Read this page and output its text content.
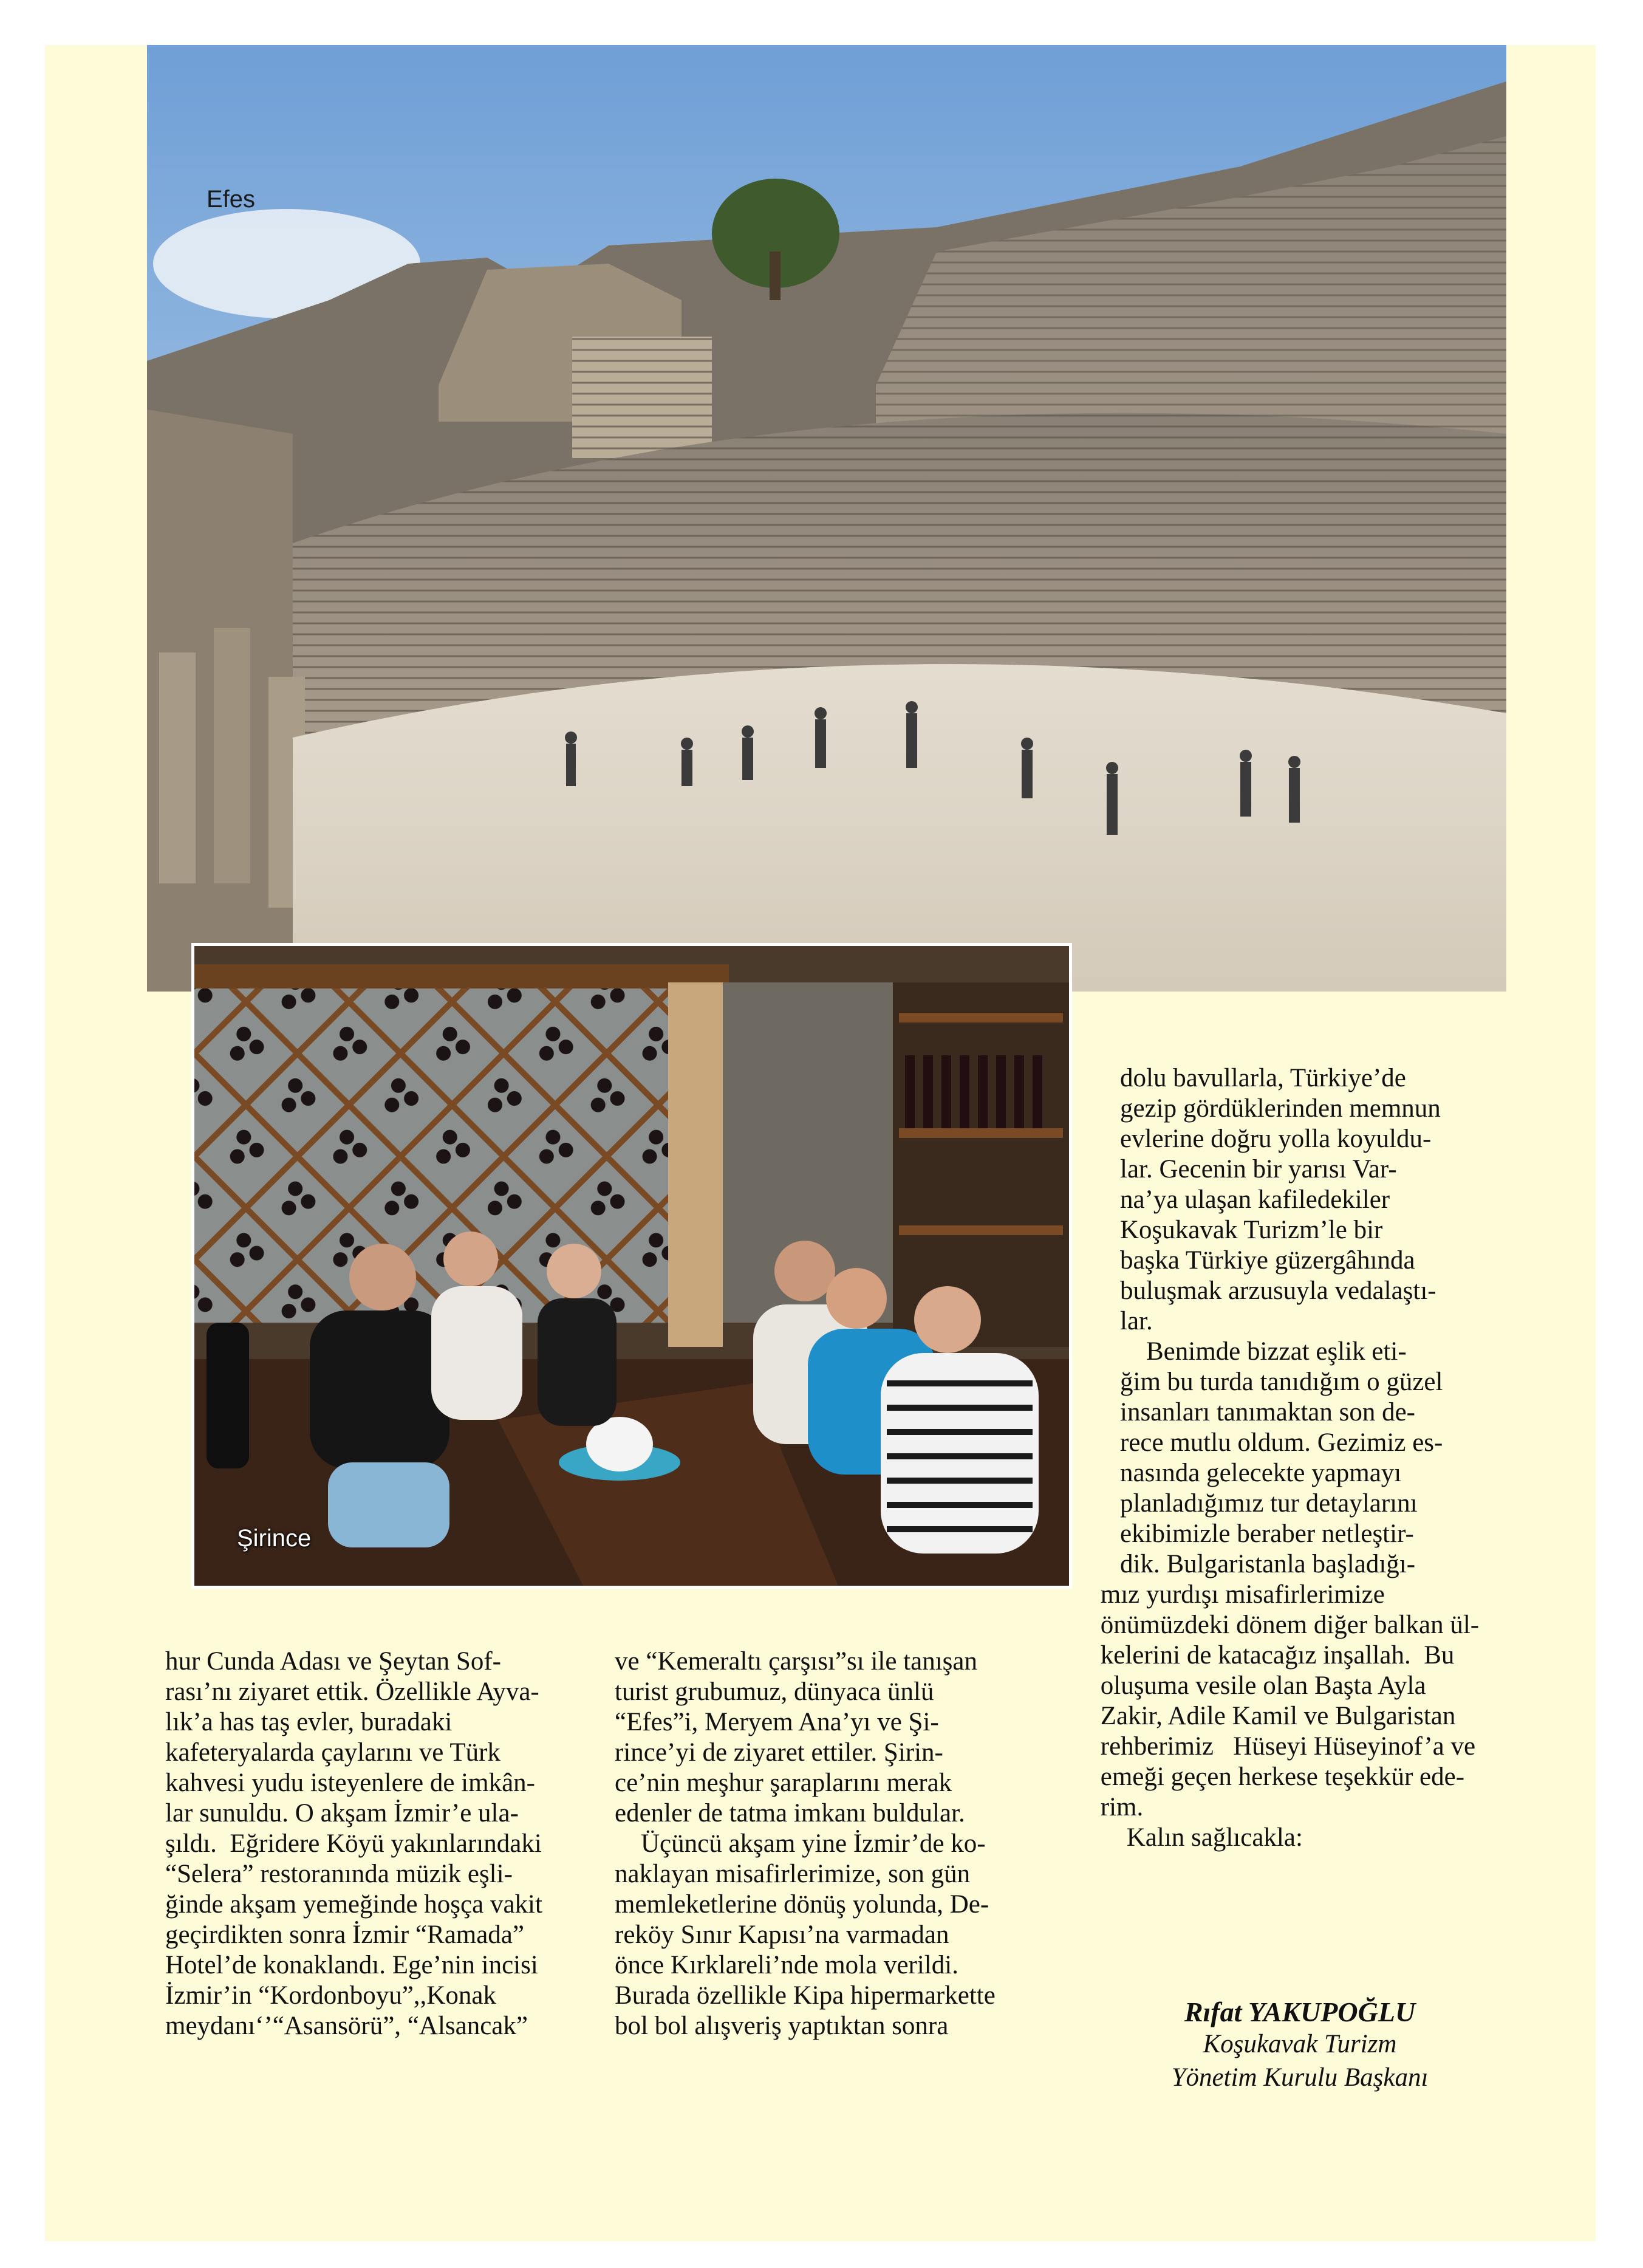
Efes
Şirince

hur Cunda Adası ve Şeytan Sof-

rası’nı ziyaret ettik. Özellikle Ayva-

lık’a has taş evler, buradaki

kafeteryalarda çaylarını ve Türk

kahvesi yudu isteyenlere de imkân-

lar sunuldu. O akşam İzmir’e ula-

şıldı.  Eğridere Köyü yakınlarındaki

“Selera” restoranında müzik eşli-

ğinde akşam yemeğinde hoşça vakit

geçirdikten sonra İzmir “Ramada”

Hotel’de konaklandı. Ege’nin incisi

İzmir’in “Kordonboyu”,,Konak

meydanı‘’“Asansörü”, “Alsancak”

ve “Kemeraltı çarşısı”sı ile tanışan

turist grubumuz, dünyaca ünlü

“Efes”i, Meryem Ana’yı ve Şi-

rince’yi de ziyaret ettiler. Şirin-

ce’nin meşhur şaraplarını merak

edenler de tatma imkanı buldular.

Üçüncü akşam yine İzmir’de ko-

naklayan misafirlerimize, son gün

memleketlerine dönüş yolunda, De-

reköy Sınır Kapısı’na varmadan

önce Kırklareli’nde mola verildi.

Burada özellikle Kipa hipermarkette

bol bol alışveriş yaptıktan sonra

dolu bavullarla, Türkiye’de

gezip gördüklerinden memnun

evlerine doğru yolla koyuldu-

lar. Gecenin bir yarısı Var-

na’ya ulaşan kafiledekiler

Koşukavak Turizm’le bir

başka Türkiye güzergâhında

buluşmak arzusuyla vedalaştı-

lar.

Benimde bizzat eşlik eti-

ğim bu turda tanıdığım o güzel

insanları tanımaktan son de-

rece mutlu oldum. Gezimiz es-

nasında gelecekte yapmayı

planladığımız tur detaylarını

ekibimizle beraber netleştir-

dik. Bulgaristanla başladığı-

mız yurdışı misafirlerimize

önümüzdeki dönem diğer balkan ül-

kelerini de katacağız inşallah.  Bu

oluşuma vesile olan Başta Ayla

Zakir, Adile Kamil ve Bulgaristan

rehberimiz   Hüseyi Hüseyinof’a ve

emeği geçen herkese teşekkür ede-

rim.

Kalın sağlıcakla:

Rıfat YAKUPOĞLU
Koşukavak Turizm
Yönetim Kurulu Başkanı
